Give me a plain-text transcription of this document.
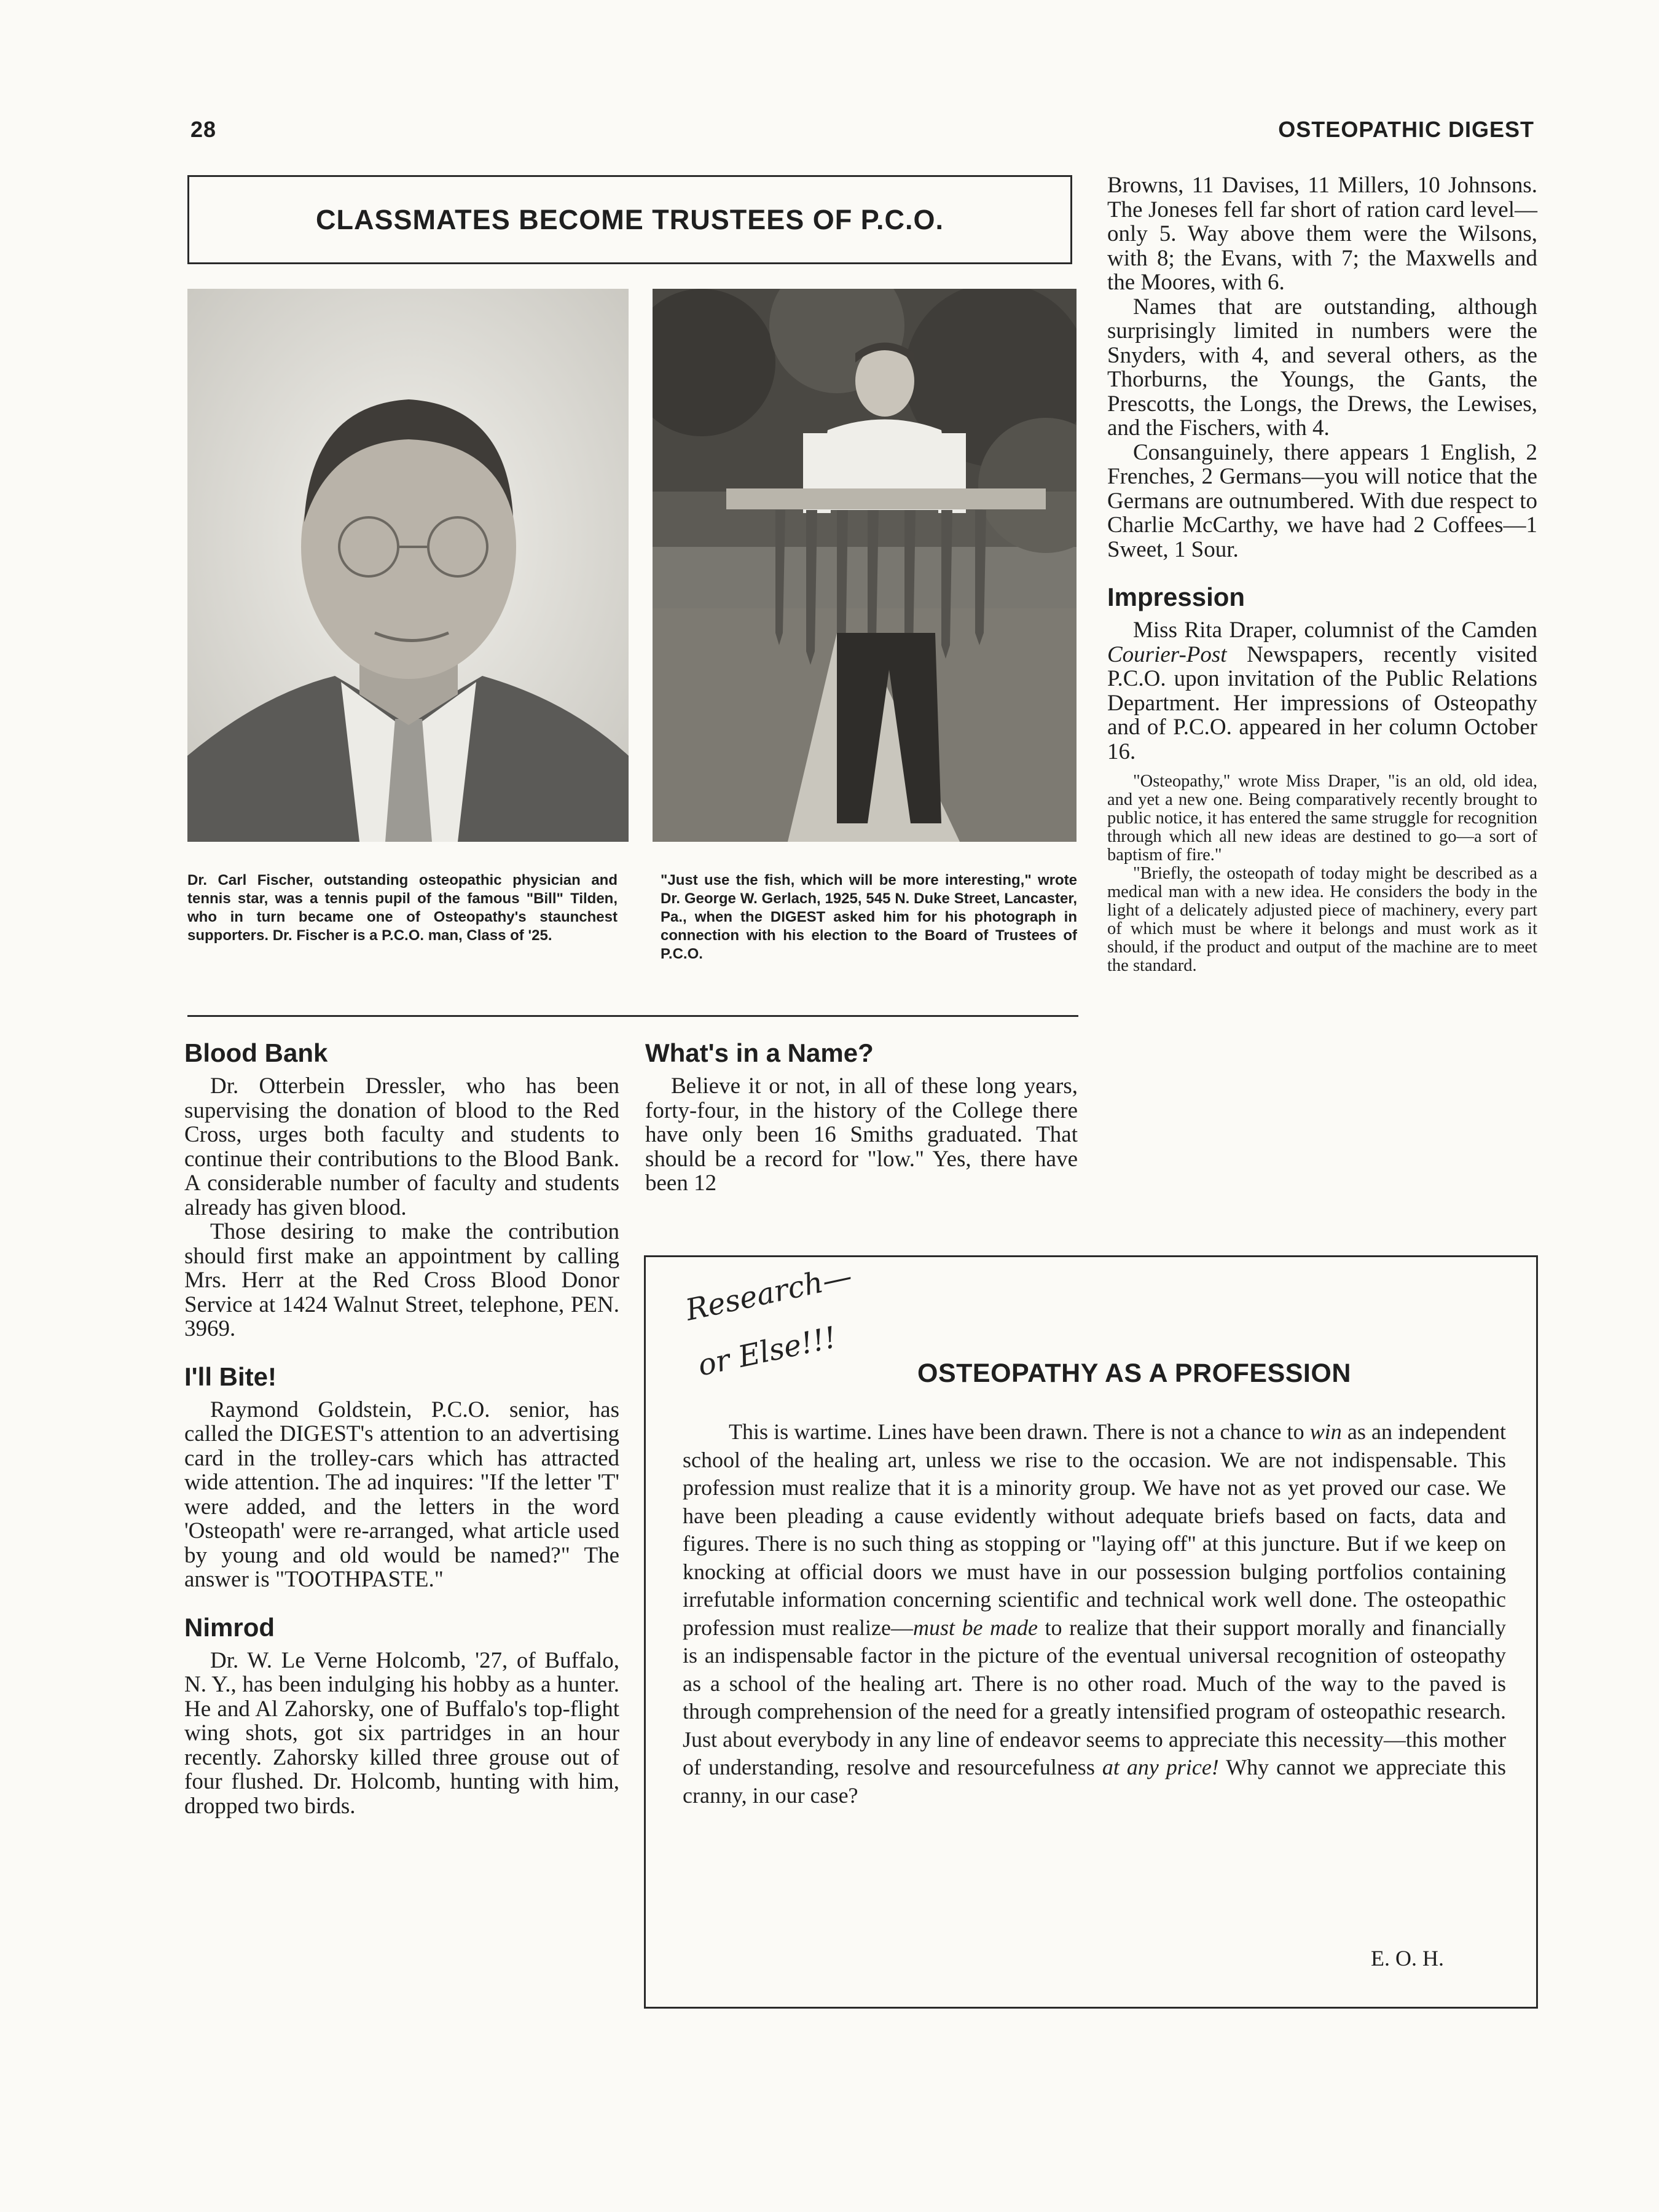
28	OSTEOPATHIC DIGEST
CLASSMATES BECOME TRUSTEES OF P.C.O.
Dr. Carl Fischer, outstanding osteopathic physician and tennis star, was a tennis pupil of the famous "Bill" Tilden, who in turn became one of Osteopathy's staunchest supporters. Dr. Fischer is a P.C.O. man, Class of '25.
"Just use the fish, which will be more interesting," wrote Dr. George W. Gerlach, 1925, 545 N. Duke Street, Lancaster, Pa., when the DIGEST asked him for his photograph in connection with his election to the Board of Trustees of P.C.O.
Blood Bank

Dr. Otterbein Dressler, who has been supervising the donation of blood to the Red Cross, urges both faculty and students to continue their contributions to the Blood Bank. A considerable number of faculty and students already has given blood.

Those desiring to make the contribution should first make an appointment by calling Mrs. Herr at the Red Cross Blood Donor Service at 1424 Walnut Street, telephone, PEN. 3969.

I'll Bite!

Raymond Goldstein, P.C.O. senior, has called the DIGEST's attention to an advertising card in the trolley-cars which has attracted wide attention. The ad inquires: "If the letter 'T' were added, and the letters in the word 'Osteopath' were re-arranged, what article used by young and old would be named?" The answer is "TOOTHPASTE."

Nimrod

Dr. W. Le Verne Holcomb, '27, of Buffalo, N. Y., has been indulging his hobby as a hunter. He and Al Zahorsky, one of Buffalo's top-flight wing shots, got six partridges in an hour recently. Zahorsky killed three grouse out of four flushed. Dr. Holcomb, hunting with him, dropped two birds.

What's in a Name?

Believe it or not, in all of these long years, forty-four, in the history of the College there have only been 16 Smiths graduated. That should be a record for "low." Yes, there have been 12

Browns, 11 Davises, 11 Millers, 10 Johnsons. The Joneses fell far short of ration card level—only 5. Way above them were the Wilsons, with 8; the Evans, with 7; the Maxwells and the Moores, with 6.

Names that are outstanding, although surprisingly limited in numbers were the Snyders, with 4, and several others, as the Thorburns, the Youngs, the Gants, the Prescotts, the Longs, the Drews, the Lewises, and the Fischers, with 4.

Consanguinely, there appears 1 English, 2 Frenches, 2 Germans—you will notice that the Germans are outnumbered. With due respect to Charlie McCarthy, we have had 2 Coffees—1 Sweet, 1 Sour.

Impression

Miss Rita Draper, columnist of the Camden Courier-Post Newspapers, recently visited P.C.O. upon invitation of the Public Relations Department. Her impressions of Osteopathy and of P.C.O. appeared in her column October 16.

"Osteopathy," wrote Miss Draper, "is an old, old idea, and yet a new one. Being comparatively recently brought to public notice, it has entered the same struggle for recognition through which all new ideas are destined to go—a sort of baptism of fire."

"Briefly, the osteopath of today might be described as a medical man with a new idea. He considers the body in the light of a delicately adjusted piece of machinery, every part of which must be where it belongs and must work as it should, if the product and output of the machine are to meet the standard.

Research—
or Else!!!	OSTEOPATHY AS A PROFESSION
This is wartime. Lines have been drawn. There is not a chance to win as an independent school of the healing art, unless we rise to the occasion. We are not indispensable. This profession must realize that it is a minority group. We have not as yet proved our case. We have been pleading a cause evidently without adequate briefs based on facts, data and figures. There is no such thing as stopping or "laying off" at this juncture. But if we keep on knocking at official doors we must have in our possession bulging portfolios containing irrefutable information concerning scientific and technical work well done. The osteopathic profession must realize—must be made to realize that their support morally and financially is an indispensable factor in the picture of the eventual universal recognition of osteopathy as a school of the healing art. There is no other road. Much of the way to the paved is through comprehension of the need for a greatly intensified program of osteopathic research. Just about everybody in any line of endeavor seems to appreciate this necessity—this mother of understanding, resolve and resourcefulness at any price! Why cannot we appreciate this cranny, in our case?
E. O. H.
